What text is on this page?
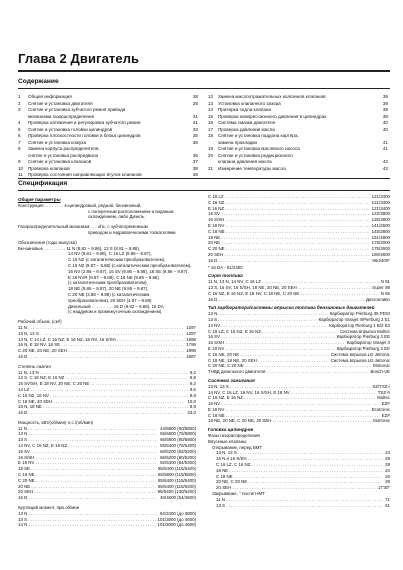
Глава 2 Двигатель
Содержание
1	Общая информация	28
2	Снятие и установка двигателя	28
3	Снятие и установка зубчатого ремня привода
механизма газораспределения	31
4	Проверка натяжения и регулировка зубчатого ремня	31
5	Снятие и установка головки цилиндров	33
6	Проверка плоскостности головки и блока цилиндров	35
7	Снятие и установка кожуха	36
8	Замена корпуса распределителя,
снятие и установка распредвала	36
9	Снятие и установка клапанов	37
10	Проверка клапанов	38
11	Проверка состояния направляющих втулок клапанов	38
12	Замена маслоотражательных колпачков клапанов	39
13	Установка клапанного зазора	39
14	Притирка седла клапана	39
15	Проверка компрессионного давления в цилиндрах	39
16	Система смазки двигателя	40
17	Проверка давления масла	40
18	Снятие и установка поддона картера,
замена прокладки	41
19	Снятие и установка масляного насоса	41
20	Снятие и установка редукционного
клапана давления масла	42
21	Измерение температуры масла	42
Спецификация
Общие параметры
Конструкция . . . . . . . . 4-цилиндровый, рядной, бензиновый,
с поперечным расположением и водяным
охлаждением, либо Дизель.
Газораспределительный механизм . . . ohc, с зубчатоременным
приводом и гидравлическими толкателями
Обозначения (годы выпуска)
Бензиновые . . . . . . . . . 11 N (8.81 – 9.86), 13 S (8.81 – 9.88),
14 NV (8.81 – 9.86), C 16 LZ (9.86 – 8.87),
C 16 NZ (с каталитическим преобразователем),
C 16 NZ (9.87 – 9.88) (с каталитическим преобразователем),
16 NV (2.86 – 9.87), 16 SV (9.86 – 9.88), 18 SE (9.86 – 9.87),
E 18 NVR (9.87 – 9.88), C 18 NE (9.85 – 9.86)
(с каталитическим преобразователем),
18 NE (9.86 – 9.87), 20 NE (9.86 – 9.87),
C 20 NE (2.86 – 9.88) (с каталитическим
преобразователем), 20 SEH (4.87 – 9.88)
Дизельный . . . . . . . . . 16 D (9.82 – 9.88), 16 DA
(с наддувом и промежуточным охлаждением)
Рабочий объем, (см³)
11 N . . .	1297
13 N, 13 S . . .	1297
14 N, C 14 LZ, C 16 NZ, E 16 NZ, 16 NV, 16 S/SH . . .	1598
16 N, E 18 NV, 18 SE . . .	1796
C 20 NE, 20 NE, 20 SEH . . .	1998
16 D . . .	1587
Степень сжатия
11 N, 13 N . . .	9,2
13 S, C 16 NZ, E 16 NZ . . .	9,8
16 SV/SH, E 18 NV, 20 NE, C 20 NE . . .	9,2
14 LZ . . .	9,6
C 16 NZ, 16 NV . . .	9,8
C 18 NE, 20 SEH . . .	10,0
16 N, 18 NE . . .	8,9
16 D . . .	23,0
Мощность, кВт/(об/мин) л.с./(об/мин)
11 N . . .	44/5800 (60/5800)
13 N . . .	55/5800 (75/5800)
13 S . . .	66/5800 (90/5800)
14 NV, C 16 NZ, E 16 NZ . . .	55/5400 (75/5400)
16 SV . . .	60/5200 (82/5200)
16 S/SH . . .	66/5200 (90/5200)
E 18 NV . . .	62/5400 (84/5400)
18 SE . . .	85/5400 (115/5400)
C 16 NE . . .	85/5800 (115/5800)
C 20 NE . . .	85/5400 (115/5400)
20 NE . . .	85/5400 (115/5400)
20 SEH . . .	95/5400 (130/5400)
16 D . . .	40/4600 (54/4600)
Крутящий момент, при об/мин
13 N . . .	94/3400 (до 3800)
13 S . . .	101/3800 (до 4600)
14 N . . .	101/3000 (до 4600)
C 16 LZ . . .	121/3400
C 16 NZ . . .	121/3400
E 16 NZ . . .	121/3400
16 SV . . .	122/3800
16 S/SH . . .	126/3800
E 18 NV . . .	141/2600
C 18 NE . . .	145/2800
18 NE . . .	151/4800
20 NE . . .	175/2000
C 20 NE . . .	175/2600
20 SEH . . .	180/4800
16 D . . .	96/2400*
* 16 DA - 91/2400
Сорт топлива
11 N, 13 N, 14 NV, C 16 LZ . . .	N 91
13 S, 16 SV, 16 S/SH, 18 NE, 20 NE, 20 SEH . . .	Super 98
C 16 NZ, E 16 NZ, E 18 NV, C 18 NE, C 20 NE . . .	N 95
16 D . . .	Дизтопливо
Тип карбюратора/системы впрыска топлива бензиновых двигателей
13 N . . .	Карбюратор Pierburg 35 PDSI
13 S . . .	Карбюратор Varajet II/Pierburg 2 E1
14 NV . . .	Карбюратор Pierburg 1 B/2 E3
C 16 LZ, C 16 NZ, E 16 NZ . . .	Система впрыска Multec
16 SV . . .	Карбюратор Pierburg 2 EE
16 S/SH . . .	Карбюратор Varajet II
E 18 NV . . .	Карбюратор Pierburg 2 EE
C 16 NE, 20 NE . . .	Система впрыска LE-Jetronic
C 18 NE, 18 NE, 20 SEH . . .	Система впрыска LE-Jetronic
C 20 NE, C 20 NE . . .	Motronic
ТНВД дизельного двигателя . . .	Bosch-VE
Система зажигания
13 N, 13 S . . .	SZ/TSZ-i
14 NV, C 16 LZ, 16 NV, 16 S/SH, E 18 NV . . .	TSZ-h
C 16 NZ, E 16 NZ . . .	Multec
16 NV . . .	EZF
E 18 NV . . .	Ecotronic
C 18 NE . . .	EZF
18 NE, 20 NE, C 20 NE, 20 SEH . . .	Motronic
Головка цилиндров
Фазы газораспределения
Впускные клапаны:
Открывание, перед ВМТ
13 N, 13 S . . .	24
16 N и 16 S/SH . . .	29
C 16 LZ, C 16 NZ . . .	29
18 NE . . .	24
C 18 NE . . .	26
20 NE, C 20 NE . . .	29
20 SEH . . .	17'30"
Закрывание, ° после НМТ
11 N . . .	71
13 S . . .	61
